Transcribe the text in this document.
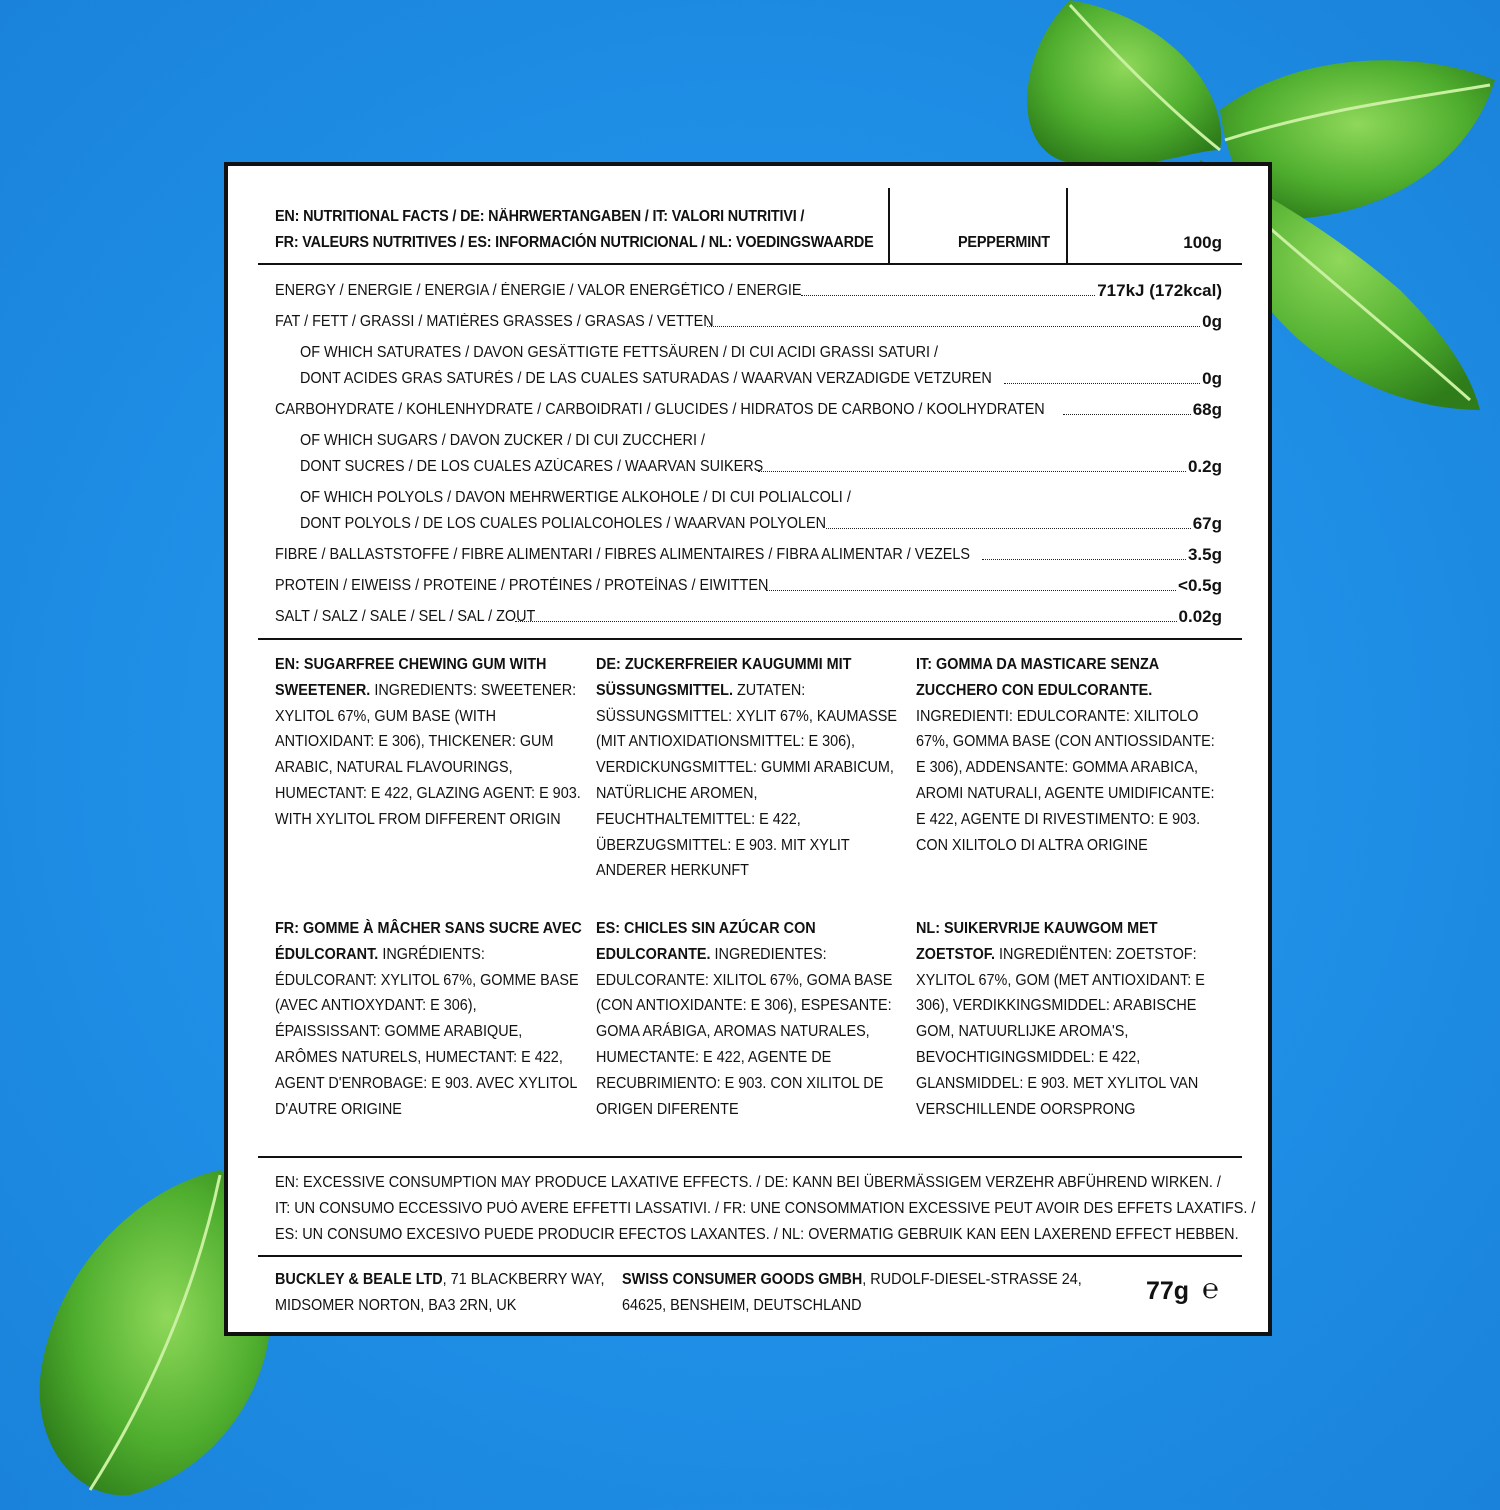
EN: NUTRITIONAL FACTS / DE: NÄHRWERTANGABEN / IT: VALORI NUTRITIVI /
FR: VALEURS NUTRITIVES / ES: INFORMACIÓN NUTRICIONAL / NL: VOEDINGSWAARDE	PEPPERMINT	100g
ENERGY / ENERGIE / ENERGIA / ÉNERGIE / VALOR ENERGÉTICO / ENERGIE	717kJ (172kcal)
FAT / FETT / GRASSI / MATIÈRES GRASSES / GRASAS / VETTEN	0g
OF WHICH SATURATES / DAVON GESÄTTIGTE FETTSÄUREN / DI CUI ACIDI GRASSI SATURI /
DONT ACIDES GRAS SATURÉS / DE LAS CUALES SATURADAS / WAARVAN VERZADIGDE VETZUREN	0g
CARBOHYDRATE / KOHLENHYDRATE / CARBOIDRATI / GLUCIDES / HIDRATOS DE CARBONO / KOOLHYDRATEN	68g
OF WHICH SUGARS / DAVON ZUCKER / DI CUI ZUCCHERI /
DONT SUCRES / DE LOS CUALES AZÚCARES / WAARVAN SUIKERS	0.2g
OF WHICH POLYOLS / DAVON MEHRWERTIGE ALKOHOLE / DI CUI POLIALCOLI /
DONT POLYOLS / DE LOS CUALES POLIALCOHOLES / WAARVAN POLYOLEN	67g
FIBRE / BALLASTSTOFFE / FIBRE ALIMENTARI / FIBRES ALIMENTAIRES / FIBRA ALIMENTAR / VEZELS	3.5g
PROTEIN / EIWEISS / PROTEINE / PROTÉINES / PROTEÍNAS / EIWITTEN	<0.5g
SALT / SALZ / SALE / SEL / SAL / ZOUT	0.02g
EN: SUGARFREE CHEWING GUM WITH SWEETENER. INGREDIENTS: SWEETENER: XYLITOL 67%, GUM BASE (WITH ANTIOXIDANT: E 306), THICKENER: GUM ARABIC, NATURAL FLAVOURINGS, HUMECTANT: E 422, GLAZING AGENT: E 903. WITH XYLITOL FROM DIFFERENT ORIGIN
DE: ZUCKERFREIER KAUGUMMI MIT SÜSSUNGSMITTEL. ZUTATEN: SÜSSUNGSMITTEL: XYLIT 67%, KAUMASSE (MIT ANTIOXIDATIONSMITTEL: E 306), VERDICKUNGSMITTEL: GUMMI ARABICUM, NATÜRLICHE AROMEN, FEUCHTHALTEMITTEL: E 422, ÜBERZUGSMITTEL: E 903. MIT XYLIT ANDERER HERKUNFT
IT: GOMMA DA MASTICARE SENZA ZUCCHERO CON EDULCORANTE. INGREDIENTI: EDULCORANTE: XILITOLO 67%, GOMMA BASE (CON ANTIOSSIDANTE: E 306), ADDENSANTE: GOMMA ARABICA, AROMI NATURALI, AGENTE UMIDIFICANTE: E 422, AGENTE DI RIVESTIMENTO: E 903. CON XILITOLO DI ALTRA ORIGINE
FR: GOMME À MÂCHER SANS SUCRE AVEC ÉDULCORANT. INGRÉDIENTS: ÉDULCORANT: XYLITOL 67%, GOMME BASE (AVEC ANTIOXYDANT: E 306), ÉPAISSISSANT: GOMME ARABIQUE, ARÔMES NATURELS, HUMECTANT: E 422, AGENT D'ENROBAGE: E 903. AVEC XYLITOL D'AUTRE ORIGINE
ES: CHICLES SIN AZÚCAR CON EDULCORANTE. INGREDIENTES: EDULCORANTE: XILITOL 67%, GOMA BASE (CON ANTIOXIDANTE: E 306), ESPESANTE: GOMA ARÁBIGA, AROMAS NATURALES, HUMECTANTE: E 422, AGENTE DE RECUBRIMIENTO: E 903. CON XILITOL DE ORIGEN DIFERENTE
NL: SUIKERVRIJE KAUWGOM MET ZOETSTOF. INGREDIËNTEN: ZOETSTOF: XYLITOL 67%, GOM (MET ANTIOXIDANT: E 306), VERDIKKINGSMIDDEL: ARABISCHE GOM, NATUURLIJKE AROMA'S, BEVOCHTIGINGSMIDDEL: E 422, GLANSMIDDEL: E 903. MET XYLITOL VAN VERSCHILLENDE OORSPRONG
EN: EXCESSIVE CONSUMPTION MAY PRODUCE LAXATIVE EFFECTS. / DE: KANN BEI ÜBERMÄSSIGEM VERZEHR ABFÜHREND WIRKEN. /
IT: UN CONSUMO ECCESSIVO PUÒ AVERE EFFETTI LASSATIVI. / FR: UNE CONSOMMATION EXCESSIVE PEUT AVOIR DES EFFETS LAXATIFS. /
ES: UN CONSUMO EXCESIVO PUEDE PRODUCIR EFECTOS LAXANTES. / NL: OVERMATIG GEBRUIK KAN EEN LAXEREND EFFECT HEBBEN.
BUCKLEY & BEALE LTD, 71 BLACKBERRY WAY,
MIDSOMER NORTON, BA3 2RN, UK
SWISS CONSUMER GOODS GMBH, RUDOLF-DIESEL-STRASSE 24,
64625, BENSHEIM, DEUTSCHLAND
77g ℮
